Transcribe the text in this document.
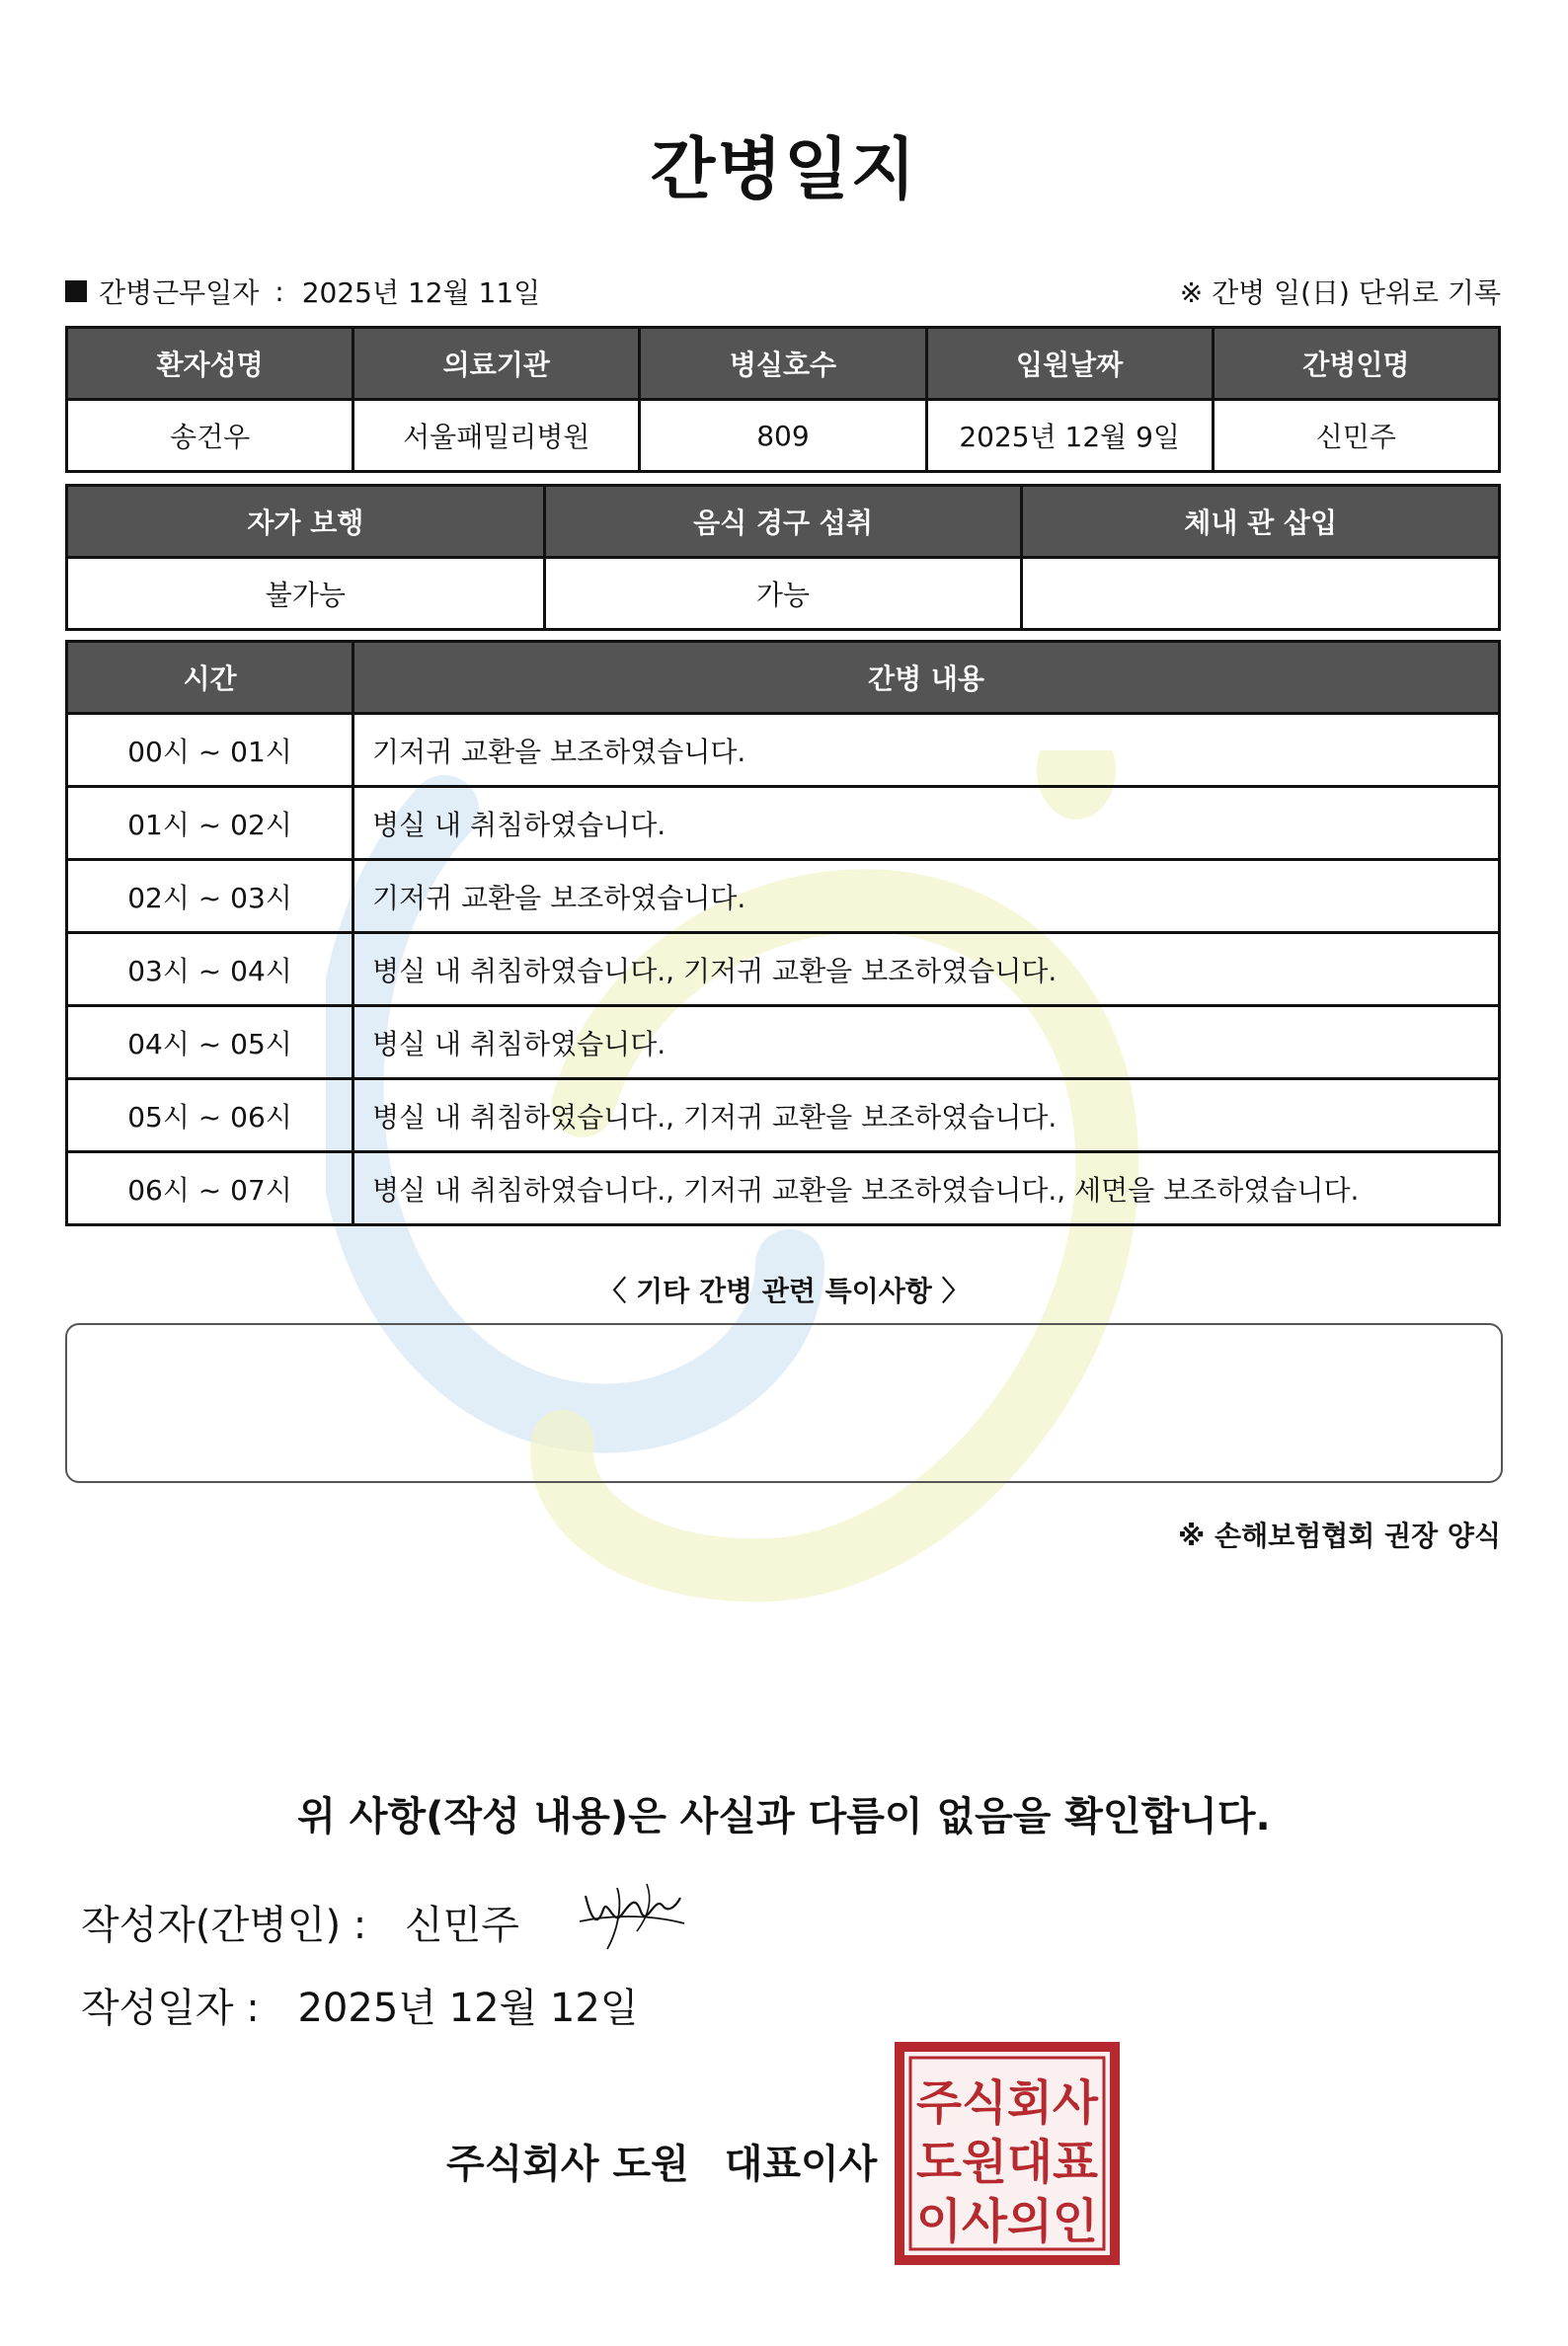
간병일지
간병근무일자 : 2025년 12월 11일	※ 간병 일(日) 단위로 기록
환자성명	의료기관	병실호수	입원날짜	간병인명
송건우	서울패밀리병원	809	2025년 12월 9일	신민주
자가 보행	음식 경구 섭취	체내 관 삽입
불가능	가능	
시간	간병 내용
00시 ~ 01시	기저귀 교환을 보조하였습니다.
01시 ~ 02시	병실 내 취침하였습니다.
02시 ~ 03시	기저귀 교환을 보조하였습니다.
03시 ~ 04시	병실 내 취침하였습니다., 기저귀 교환을 보조하였습니다.
04시 ~ 05시	병실 내 취침하였습니다.
05시 ~ 06시	병실 내 취침하였습니다., 기저귀 교환을 보조하였습니다.
06시 ~ 07시	병실 내 취침하였습니다., 기저귀 교환을 보조하였습니다., 세면을 보조하였습니다.
〈 기타 간병 관련 특이사항 〉
※ 손해보험협회 권장 양식
위 사항(작성 내용)은 사실과 다름이 없음을 확인합니다.
작성자(간병인) : 신민주
작성일자 : 2025년 12월 12일
주식회사 도원 대표이사
주식회사
도원대표
이사의인
